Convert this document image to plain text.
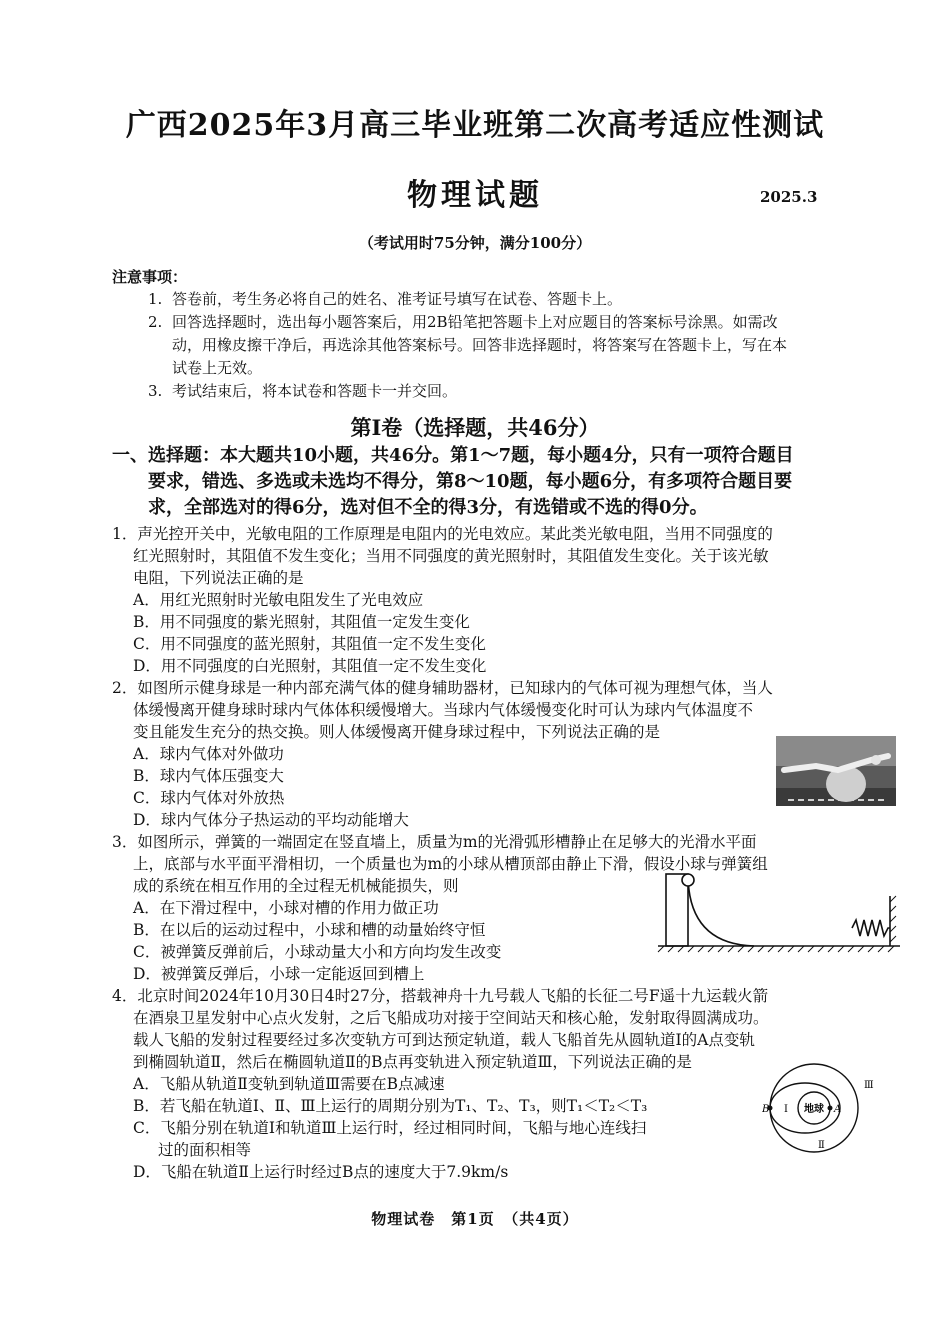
广西2025年3月高三毕业班第二次高考适应性测试
物理试题	2025.3
（考试用时75分钟，满分100分）
注意事项：
1. 答卷前，考生务必将自己的姓名、准考证号填写在试卷、答题卡上。
2. 回答选择题时，选出每小题答案后，用2B铅笔把答题卡上对应题目的答案标号涂黑。如需改
动，用橡皮擦干净后，再选涂其他答案标号。回答非选择题时，将答案写在答题卡上，写在本
试卷上无效。
3. 考试结束后，将本试卷和答题卡一并交回。
第Ⅰ卷（选择题，共46分）
一、选择题：本大题共10小题，共46分。第1～7题，每小题4分，只有一项符合题目
要求，错选、多选或未选均不得分，第8～10题，每小题6分，有多项符合题目要
求，全部选对的得6分，选对但不全的得3分，有选错或不选的得0分。
1．声光控开关中，光敏电阻的工作原理是电阻内的光电效应。某此类光敏电阻，当用不同强度的
红光照射时，其阻值不发生变化；当用不同强度的黄光照射时，其阻值发生变化。关于该光敏
电阻，下列说法正确的是
A．用红光照射时光敏电阻发生了光电效应
B．用不同强度的紫光照射，其阻值一定发生变化
C．用不同强度的蓝光照射，其阻值一定不发生变化
D．用不同强度的白光照射，其阻值一定不发生变化
2．如图所示健身球是一种内部充满气体的健身辅助器材，已知球内的气体可视为理想气体，当人
体缓慢离开健身球时球内气体体积缓慢增大。当球内气体缓慢变化时可认为球内气体温度不
变且能发生充分的热交换。则人体缓慢离开健身球过程中，下列说法正确的是
A．球内气体对外做功
B．球内气体压强变大
C．球内气体对外放热
D．球内气体分子热运动的平均动能增大
3．如图所示，弹簧的一端固定在竖直墙上，质量为m的光滑弧形槽静止在足够大的光滑水平面
上，底部与水平面平滑相切，一个质量也为m的小球从槽顶部由静止下滑，假设小球与弹簧组
成的系统在相互作用的全过程无机械能损失，则
A．在下滑过程中，小球对槽的作用力做正功
B．在以后的运动过程中，小球和槽的动量始终守恒
C．被弹簧反弹前后，小球动量大小和方向均发生改变
D．被弹簧反弹后，小球一定能返回到槽上
4．北京时间2024年10月30日4时27分，搭载神舟十九号载人飞船的长征二号F遥十九运载火箭
在酒泉卫星发射中心点火发射，之后飞船成功对接于空间站天和核心舱，发射取得圆满成功。
载人飞船的发射过程要经过多次变轨方可到达预定轨道，载人飞船首先从圆轨道Ⅰ的A点变轨
到椭圆轨道Ⅱ，然后在椭圆轨道Ⅱ的B点再变轨进入预定轨道Ⅲ，下列说法正确的是
A．飞船从轨道Ⅱ变轨到轨道Ⅲ需要在B点减速
B．若飞船在轨道Ⅰ、Ⅱ、Ⅲ上运行的周期分别为T₁、T₂、T₃，则T₁＜T₂＜T₃
C．飞船分别在轨道Ⅰ和轨道Ⅲ上运行时，经过相同时间，飞船与地心连线扫
过的面积相等
D．飞船在轨道Ⅱ上运行时经过B点的速度大于7.9km/s
地球
Ⅰ
Ⅱ
Ⅲ
A
B
物理试卷　第1页　（共4页）
